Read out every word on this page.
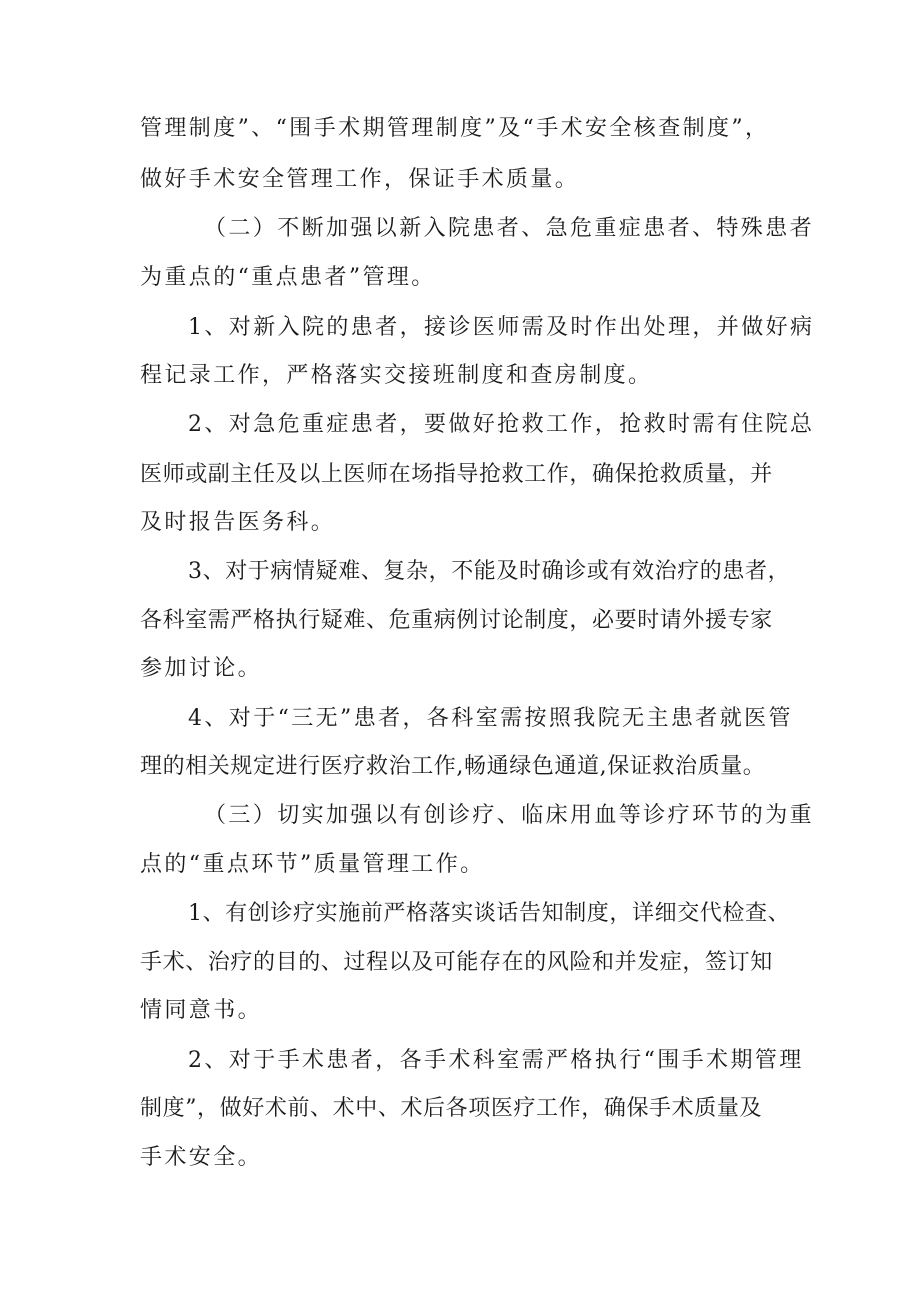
管理制度”、“围手术期管理制度”及“手术安全核查制度”，
做好手术安全管理工作，保证手术质量。
（二）不断加强以新入院患者、急危重症患者、特殊患者
为重点的“重点患者”管理。
1、对新入院的患者，接诊医师需及时作出处理，并做好病
程记录工作，严格落实交接班制度和查房制度。
2、对急危重症患者，要做好抢救工作，抢救时需有住院总
医师或副主任及以上医师在场指导抢救工作，确保抢救质量，并
及时报告医务科。
3、对于病情疑难、复杂，不能及时确诊或有效治疗的患者，
各科室需严格执行疑难、危重病例讨论制度，必要时请外援专家
参加讨论。
4、对于“三无”患者，各科室需按照我院无主患者就医管
理的相关规定进行医疗救治工作,畅通绿色通道,保证救治质量。
（三）切实加强以有创诊疗、临床用血等诊疗环节的为重
点的“重点环节”质量管理工作。
1、有创诊疗实施前严格落实谈话告知制度，详细交代检查、
手术、治疗的目的、过程以及可能存在的风险和并发症，签订知
情同意书。
2、对于手术患者，各手术科室需严格执行“围手术期管理
制度”，做好术前、术中、术后各项医疗工作，确保手术质量及
手术安全。
